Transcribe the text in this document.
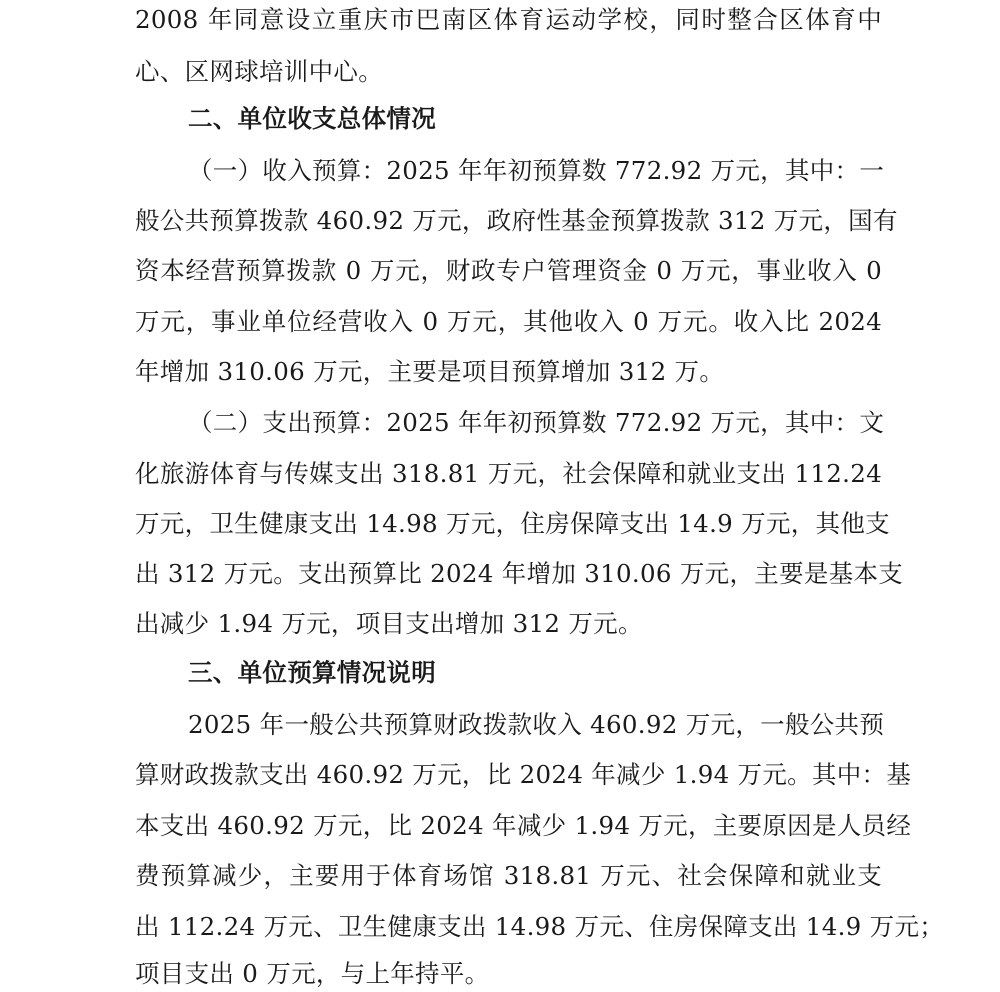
2008 年同意设立重庆市巴南区体育运动学校，同时整合区体育中
心、区网球培训中心。
二、单位收支总体情况
（一）收入预算：2025 年年初预算数 772.92 万元，其中：一
般公共预算拨款 460.92 万元，政府性基金预算拨款 312 万元，国有
资本经营预算拨款 0 万元，财政专户管理资金 0 万元，事业收入 0
万元，事业单位经营收入 0 万元，其他收入 0 万元。收入比 2024
年增加 310.06 万元，主要是项目预算增加 312 万。
（二）支出预算：2025 年年初预算数 772.92 万元，其中：文
化旅游体育与传媒支出 318.81 万元，社会保障和就业支出 112.24
万元，卫生健康支出 14.98 万元，住房保障支出 14.9 万元，其他支
出 312 万元。支出预算比 2024 年增加 310.06 万元，主要是基本支
出减少 1.94 万元，项目支出增加 312 万元。
三、单位预算情况说明
2025 年一般公共预算财政拨款收入 460.92 万元，一般公共预
算财政拨款支出 460.92 万元，比 2024 年减少 1.94 万元。其中：基
本支出 460.92 万元，比 2024 年减少 1.94 万元，主要原因是人员经
费预算减少，主要用于体育场馆 318.81 万元、社会保障和就业支
出 112.24 万元、卫生健康支出 14.98 万元、住房保障支出 14.9 万元；
项目支出 0 万元，与上年持平。
